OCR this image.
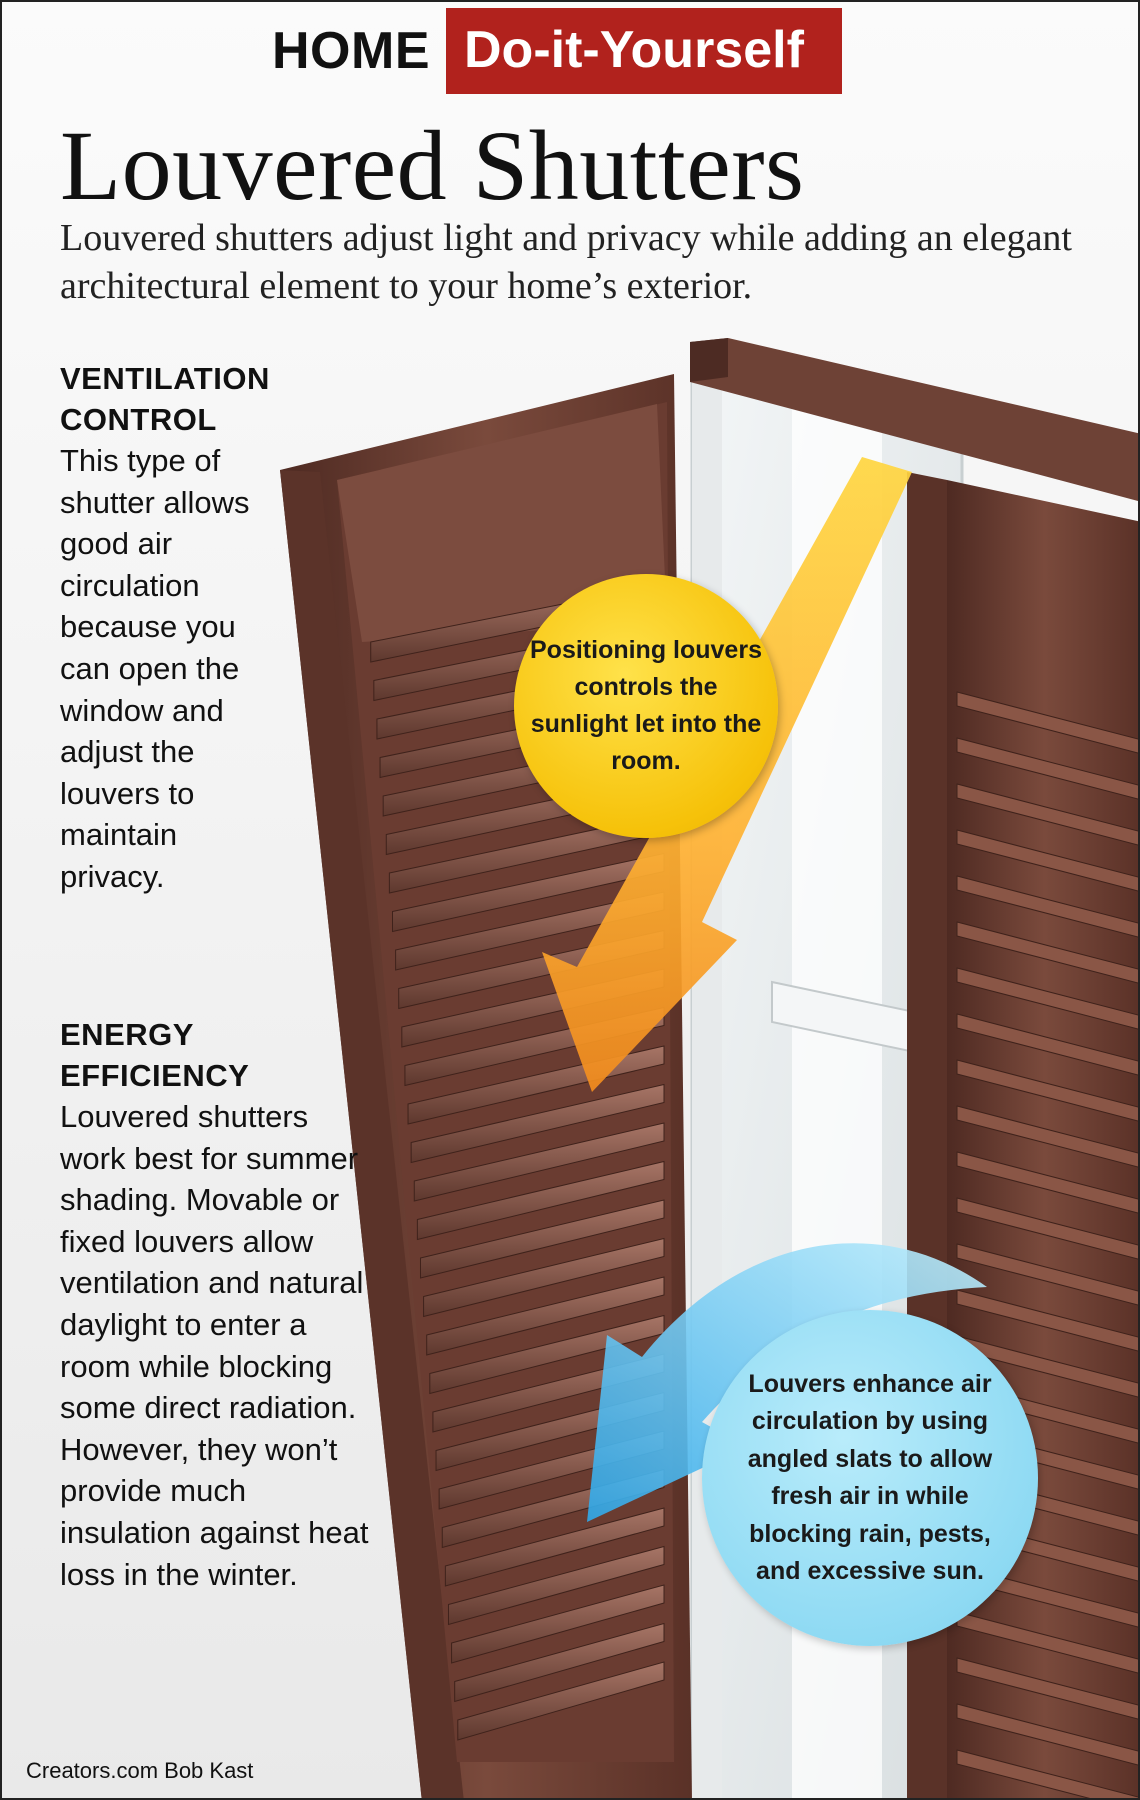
HOME Do-it-Yourself
Louvered Shutters

Louvered shutters adjust light and privacy while adding an elegant architectural element to your home’s exterior.

VENTILATION CONTROL

This type of shutter allows good air circulation because you can open the window and adjust the louvers to maintain privacy.

ENERGY EFFICIENCY

Louvered shutters work best for summer shading. Movable or fixed louvers allow ventilation and natural daylight to enter a room while blocking some direct radiation. However, they won’t provide much insulation against heat loss in the winter.

Positioning louvers controls the sunlight let into the room.
Louvers enhance air circulation by using angled slats to allow fresh air in while blocking rain, pests, and excessive sun.
Creators.com Bob Kast
